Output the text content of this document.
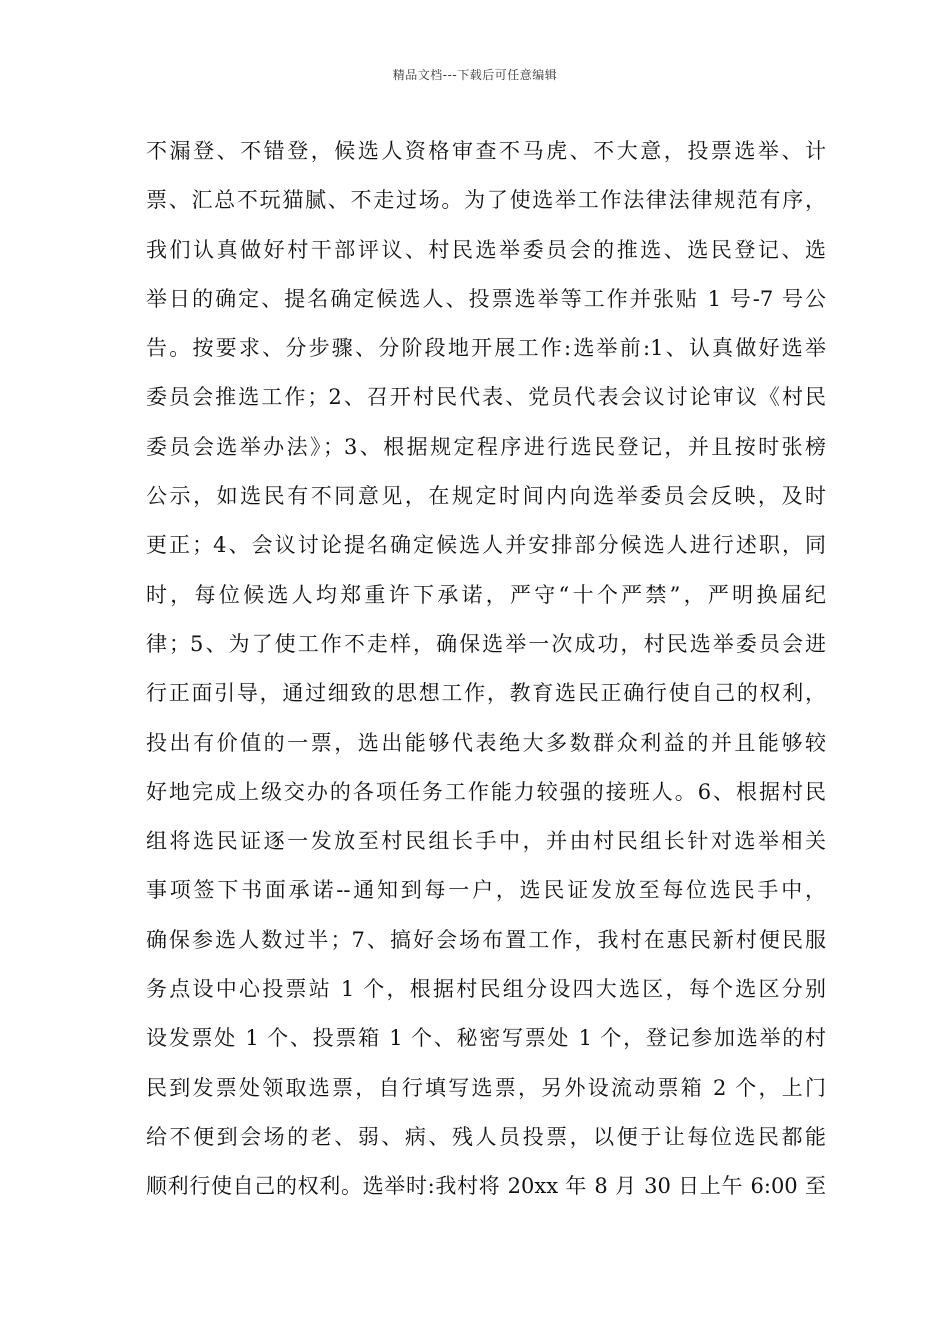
精品文档---下载后可任意编辑
不漏登、不错登，候选人资格审查不马虎、不大意，投票选举、计
票、汇总不玩猫腻、不走过场。为了使选举工作法律法律规范有序，
我们认真做好村干部评议、村民选举委员会的推选、选民登记、选
举日的确定、提名确定候选人、投票选举等工作并张贴 1 号-7 号公
告。按要求、分步骤、分阶段地开展工作:选举前:1、认真做好选举
委员会推选工作；2、召开村民代表、党员代表会议讨论审议《村民
委员会选举办法》；3、根据规定程序进行选民登记，并且按时张榜
公示，如选民有不同意见，在规定时间内向选举委员会反映，及时
更正；4、会议讨论提名确定候选人并安排部分候选人进行述职，同
时，每位候选人均郑重许下承诺，严守“十个严禁”，严明换届纪
律；5、为了使工作不走样，确保选举一次成功，村民选举委员会进
行正面引导，通过细致的思想工作，教育选民正确行使自己的权利，
投出有价值的一票，选出能够代表绝大多数群众利益的并且能够较
好地完成上级交办的各项任务工作能力较强的接班人。6、根据村民
组将选民证逐一发放至村民组长手中，并由村民组长针对选举相关
事项签下书面承诺--通知到每一户，选民证发放至每位选民手中，
确保参选人数过半；7、搞好会场布置工作，我村在惠民新村便民服
务点设中心投票站 1 个，根据村民组分设四大选区，每个选区分别
设发票处 1 个、投票箱 1 个、秘密写票处 1 个，登记参加选举的村
民到发票处领取选票，自行填写选票，另外设流动票箱 2 个，上门
给不便到会场的老、弱、病、残人员投票，以便于让每位选民都能
顺利行使自己的权利。选举时:我村将 20xx 年 8 月 30 日上午 6:00 至
